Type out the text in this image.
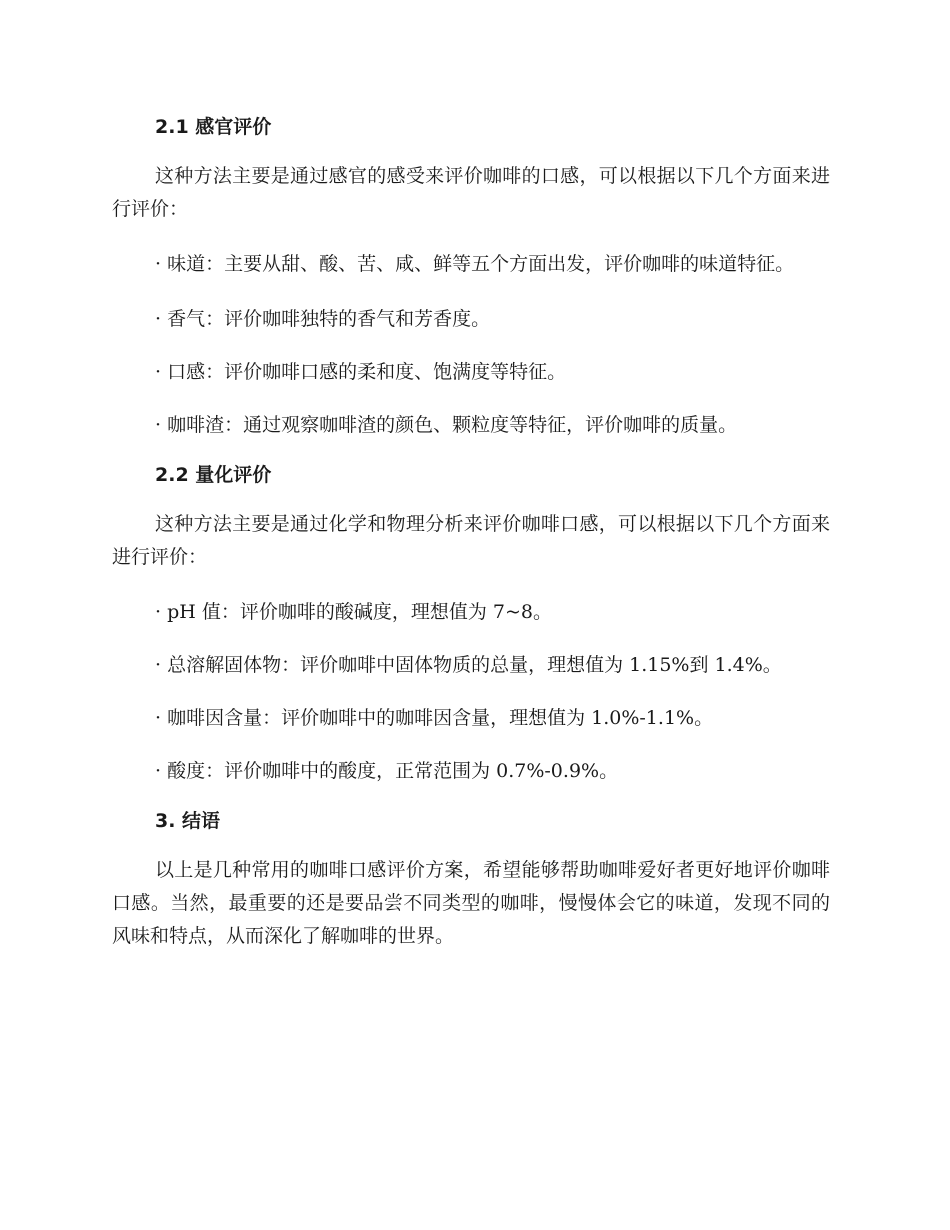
2.1 感官评价

这种方法主要是通过感官的感受来评价咖啡的口感，可以根据以下几个方面来进行评价：

· 味道：主要从甜、酸、苦、咸、鲜等五个方面出发，评价咖啡的味道特征。

· 香气：评价咖啡独特的香气和芳香度。

· 口感：评价咖啡口感的柔和度、饱满度等特征。

· 咖啡渣：通过观察咖啡渣的颜色、颗粒度等特征，评价咖啡的质量。

2.2 量化评价

这种方法主要是通过化学和物理分析来评价咖啡口感，可以根据以下几个方面来进行评价：

· pH 值：评价咖啡的酸碱度，理想值为 7~8。

· 总溶解固体物：评价咖啡中固体物质的总量，理想值为 1.15%到 1.4%。

· 咖啡因含量：评价咖啡中的咖啡因含量，理想值为 1.0%-1.1%。

· 酸度：评价咖啡中的酸度，正常范围为 0.7%-0.9%。

3. 结语

以上是几种常用的咖啡口感评价方案，希望能够帮助咖啡爱好者更好地评价咖啡口感。当然，最重要的还是要品尝不同类型的咖啡，慢慢体会它的味道，发现不同的风味和特点，从而深化了解咖啡的世界。
